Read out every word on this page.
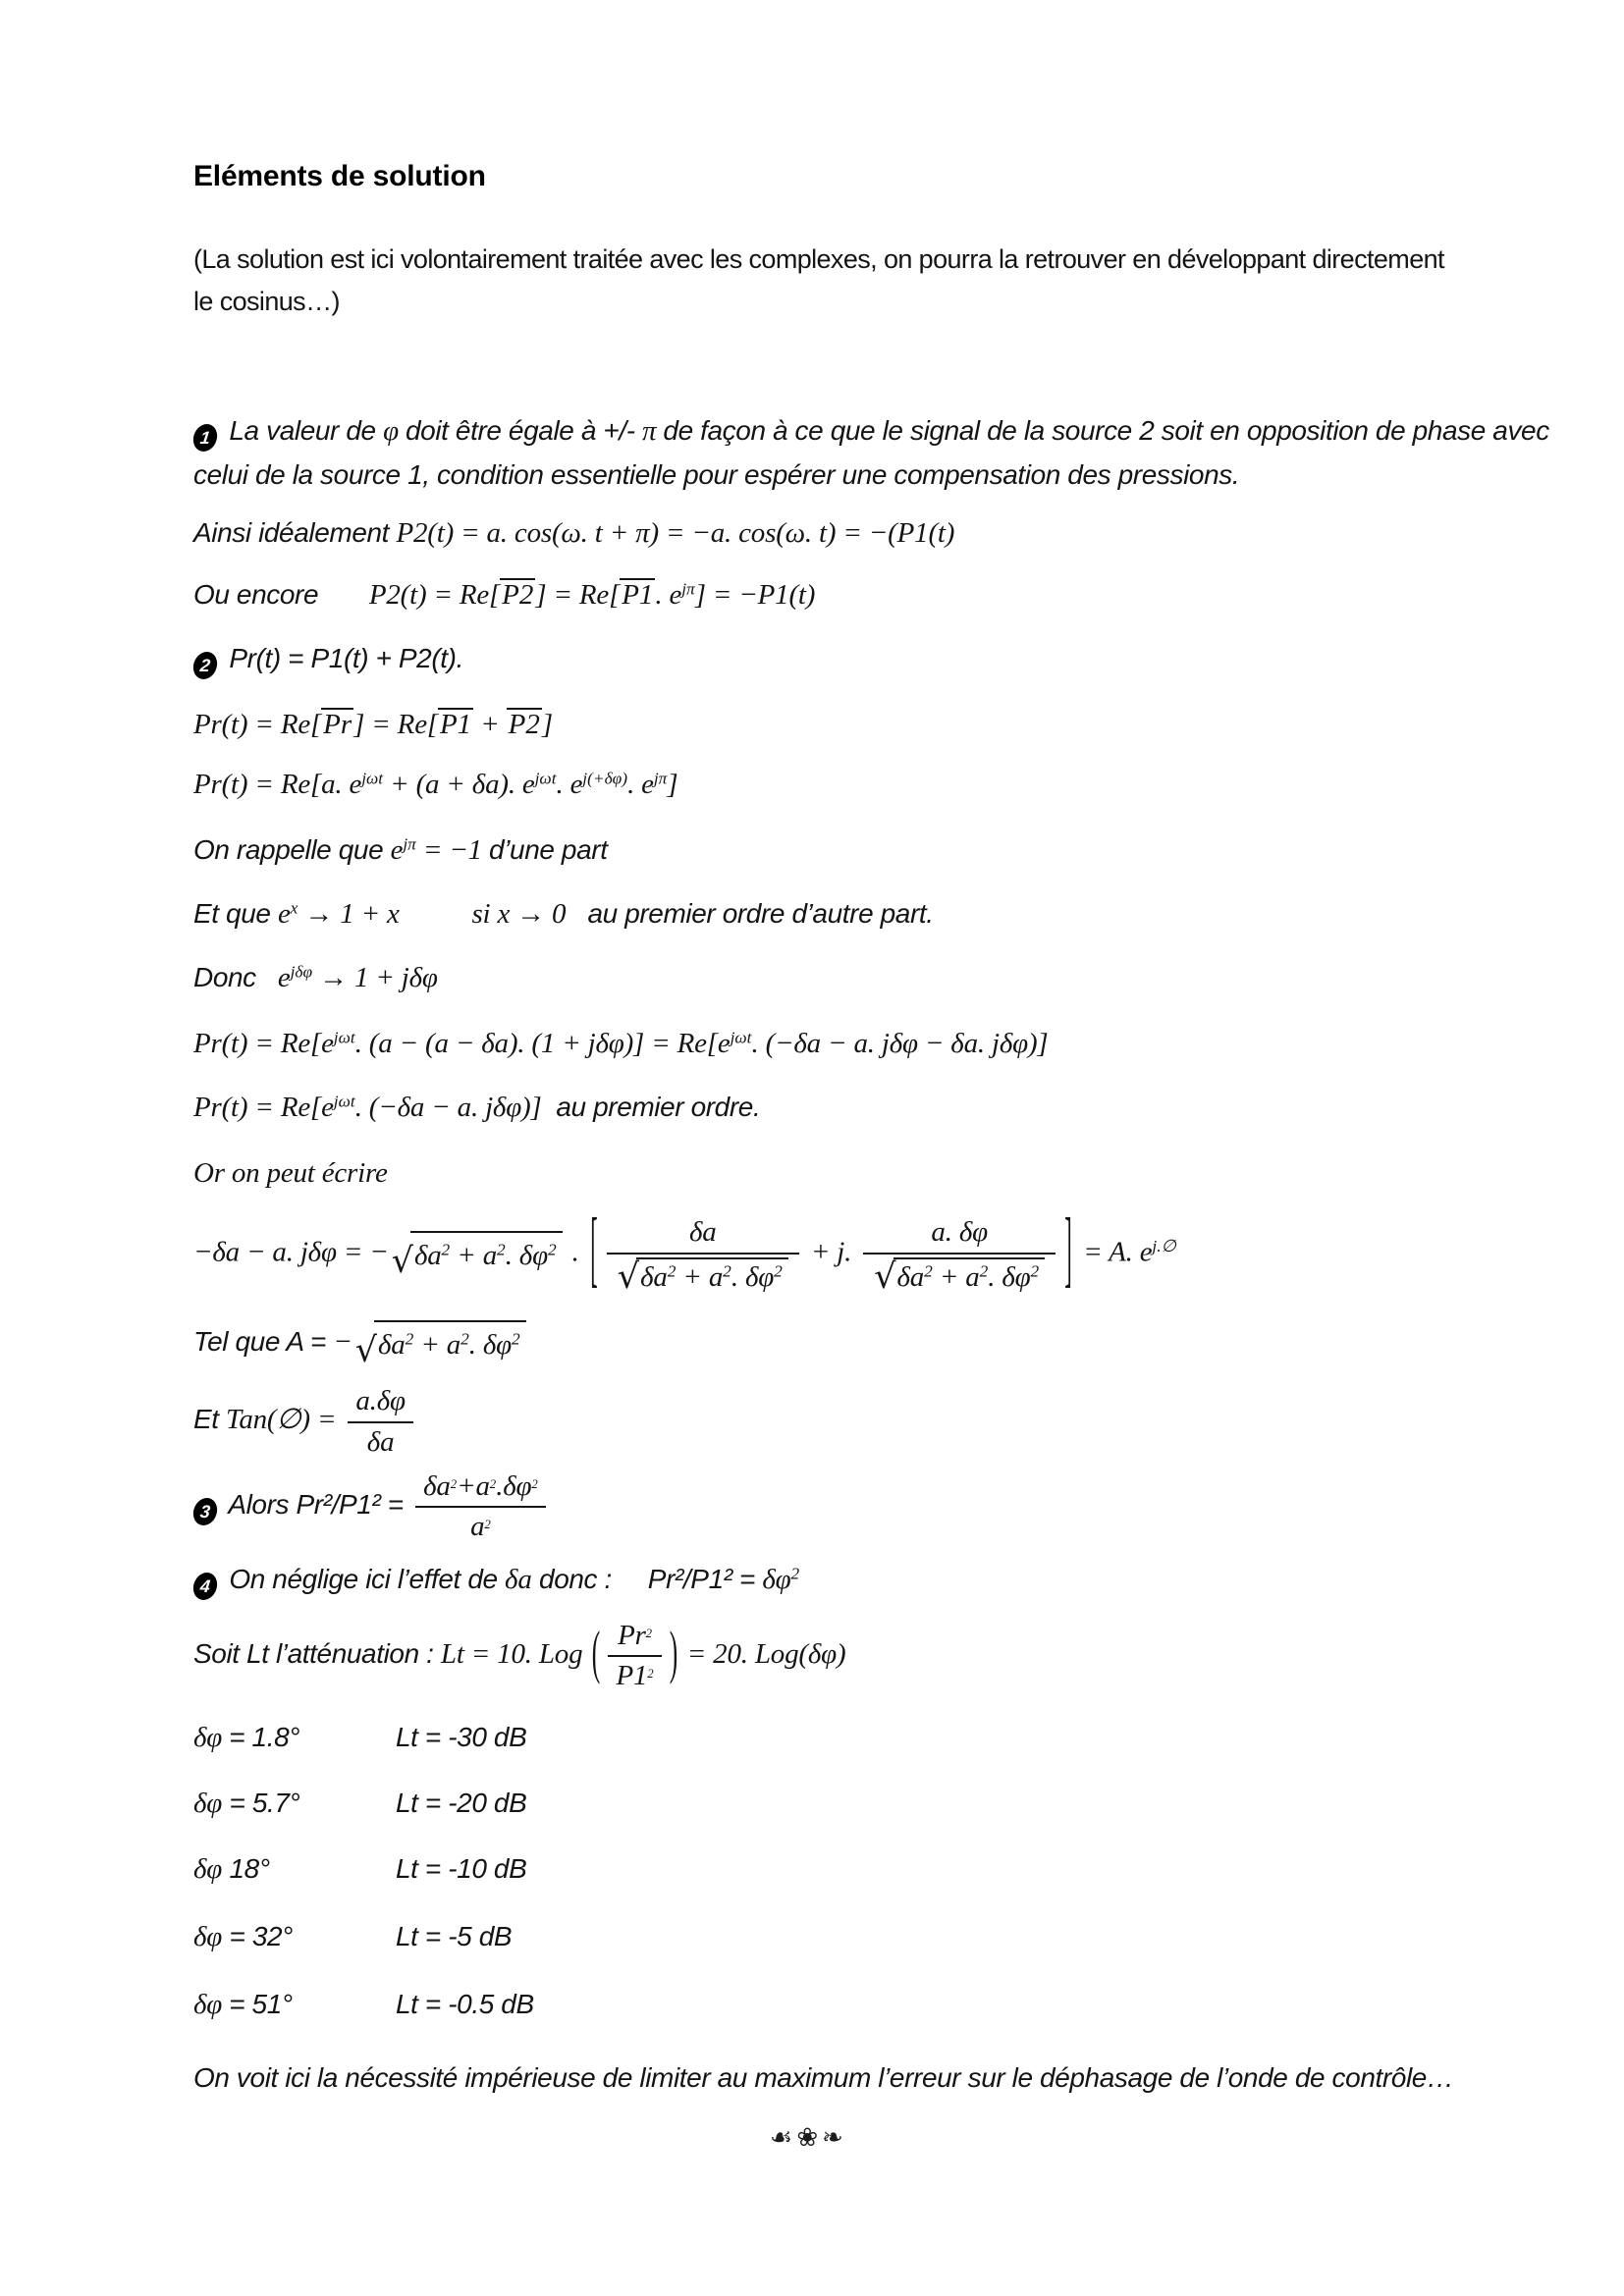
Eléments de solution
(La solution est ici volontairement traitée avec les complexes, on pourra la retrouver en développant directement
le cosinus…)
1 La valeur de φ doit être égale à +/- π de façon à ce que le signal de la source 2 soit en opposition de phase avec
celui de la source 1, condition essentielle pour espérer une compensation des pressions.
Ainsi idéalement P2(t) = a. cos(ω. t + π) = −a. cos(ω. t) = −(P1(t)
Ou encore       P2(t) = Re[P2] = Re[P1. $e^{j\pi}] = -P1(t)$
2 Pr(t) = P1(t) + P2(t).
Pr(t) = Re[Pr] = Re[P1 + P2]
Pr(t) = Re[a. $e^{j\omega t} + (a + \delta a)$. $e^{j\omega t}$. $e^{j(+\delta\varphi)}$. $e^{j\pi}$]
On rappelle que $e^{j\pi} = -1$ d’une part
Et que $e^x \to 1 + x$	si x → 0   au premier ordre d’autre part.
Donc   $e^{j\delta\varphi} \to 1 + j\delta\varphi$
$Pr(t) = Re[e^{j\omega t}$. (a − (a − δa). $(1 + j\delta\varphi)] = Re[e^{j\omega t}$. (−δa − a. jδφ − δa. jδφ)]
$Pr(t) = Re[e^{j\omega t}$. (−δa − a. jδφ)]  au premier ordre.
Or on peut écrire
−δa − a. jδφ = − √ $\delta a^2 + a^2$. $\delta\varphi^2$ . [ $\frac{\delta a}{√ \delta a^2 + a^2. \delta\varphi^2} + j$. $\frac{a. \delta\varphi}{√ \delta a^2 + a^2. \delta\varphi^2}$ ] = A. $e^{j.\emptyset}$
Tel que A = − √ $\delta a^2 + a^2$. $\delta\varphi^2$
Et Tan(∅) = $\frac{a.\delta\varphi}{\delta a}$
3 Alors $Pr^2/P1^2 = \frac{\delta a^2+a^2.\delta\varphi^2}{a^2}$
4 On néglige ici l’effet de δa donc :     $Pr^2/P1^2 = \delta\varphi^2$
Soit Lt l’atténuation : Lt = 10. Log ( $\frac{Pr^2}{P1^2}$ ) = 20. Log(δφ)
δφ = 1.8°	Lt = -30 dB
δφ = 5.7°	Lt = -20 dB
δφ 18°	Lt = -10 dB
δφ = 32°	Lt = -5 dB
δφ = 51°	Lt = -0.5 dB
On voit ici la nécessité impérieuse de limiter au maximum l’erreur sur le déphasage de l’onde de contrôle…
☙❀❧
